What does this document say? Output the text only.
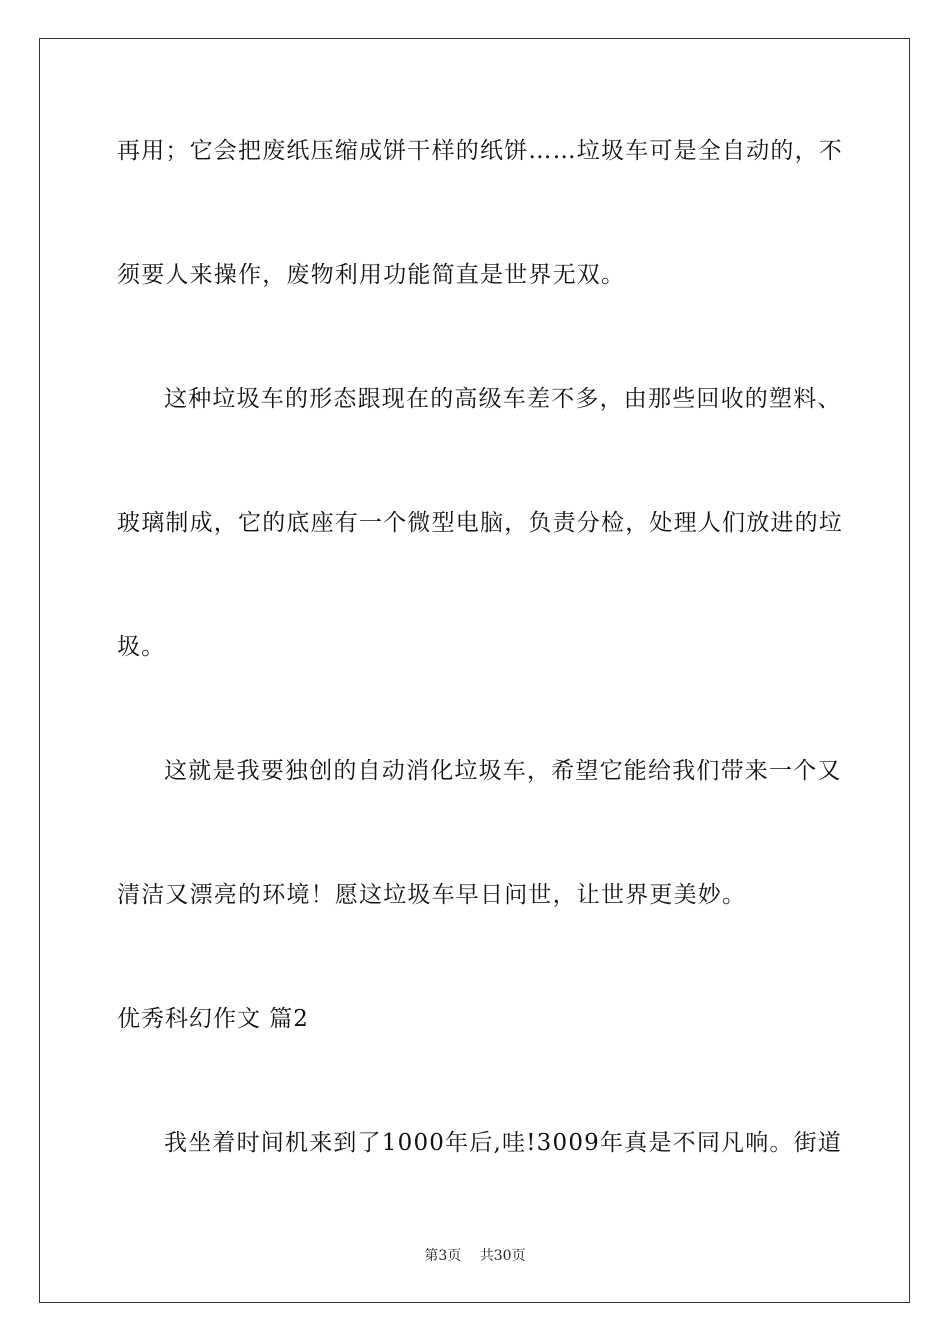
再用；它会把废纸压缩成饼干样的纸饼……垃圾车可是全自动的，不
须要人来操作，废物利用功能简直是世界无双。
这种垃圾车的形态跟现在的高级车差不多，由那些回收的塑料、
玻璃制成，它的底座有一个微型电脑，负责分检，处理人们放进的垃
圾。
这就是我要独创的自动消化垃圾车，希望它能给我们带来一个又
清洁又漂亮的环境！愿这垃圾车早日问世，让世界更美妙。
优秀科幻作文 篇2
我坐着时间机来到了1000年后,哇!3009年真是不同凡响。街道
第3页 共30页
